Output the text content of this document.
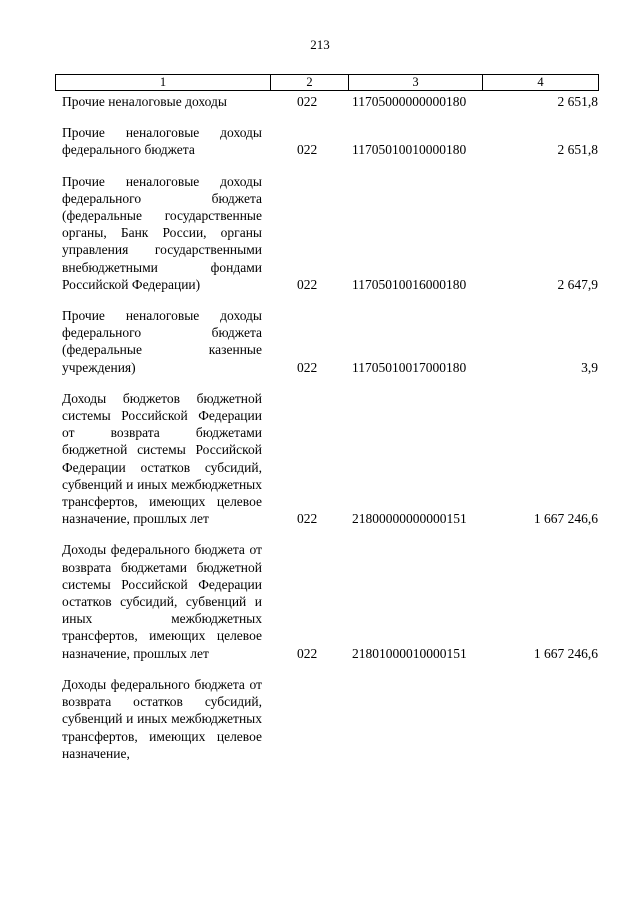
213
1	2	3	4
Прочие неналоговые доходы	022	11705000000000180	2 651,8
Прочие неналоговые доходы федерального бюджета	022	11705010010000180	2 651,8
Прочие неналоговые доходы федерального бюджета (федеральные государственные органы, Банк России, органы управления государственными внебюджетными фондами Российской Федерации)	022	11705010016000180	2 647,9
Прочие неналоговые доходы федерального бюджета (федеральные казенные учреждения)	022	11705010017000180	3,9
Доходы бюджетов бюджетной системы Российской Федерации от возврата бюджетами бюджетной системы Российской Федерации остатков субсидий, субвенций и иных межбюджетных трансфертов, имеющих целевое назначение, прошлых лет	022	21800000000000151	1 667 246,6
Доходы федерального бюджета от возврата бюджетами бюджетной системы Российской Федерации остатков субсидий, субвенций и иных межбюджетных трансфертов, имеющих целевое назначение, прошлых лет	022	21801000010000151	1 667 246,6
Доходы федерального бюджета от возврата остатков субсидий, субвенций и иных межбюджетных трансфертов, имеющих целевое назначение,
